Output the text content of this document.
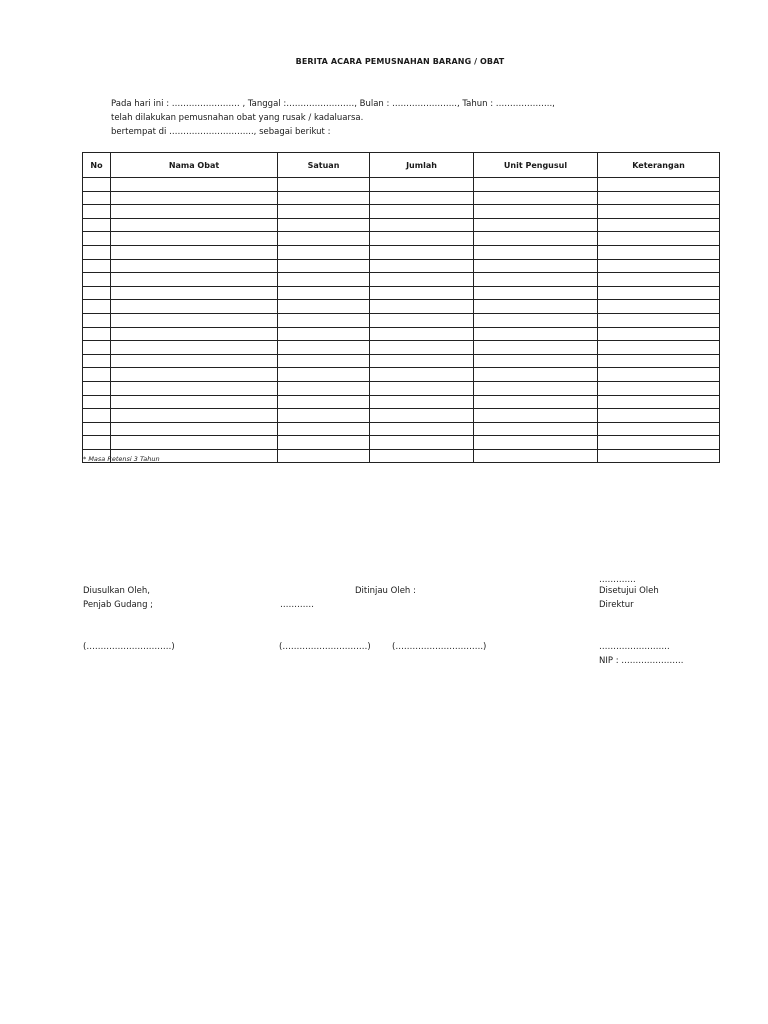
BERITA ACARA PEMUSNAHAN BARANG / OBAT
Pada hari ini : …………………… , Tanggal :……………………, Bulan : ………………….., Tahun : ………………..,
telah dilakukan pemusnahan obat yang rusak / kadaluarsa.
bertempat di ………………………..., sebagai berikut :
No	Nama Obat	Satuan	Jumlah	Unit Pengusul	Keterangan

* Masa Retensi 3 Tahun
………….
Diusulkan Oleh,	Ditinjau Oleh :	Disetujui Oleh
Penjab Gudang ;	…………	Direktur
(…………………………)	(…………………………)	(………………………….)	…………………….
NIP : ………………….
